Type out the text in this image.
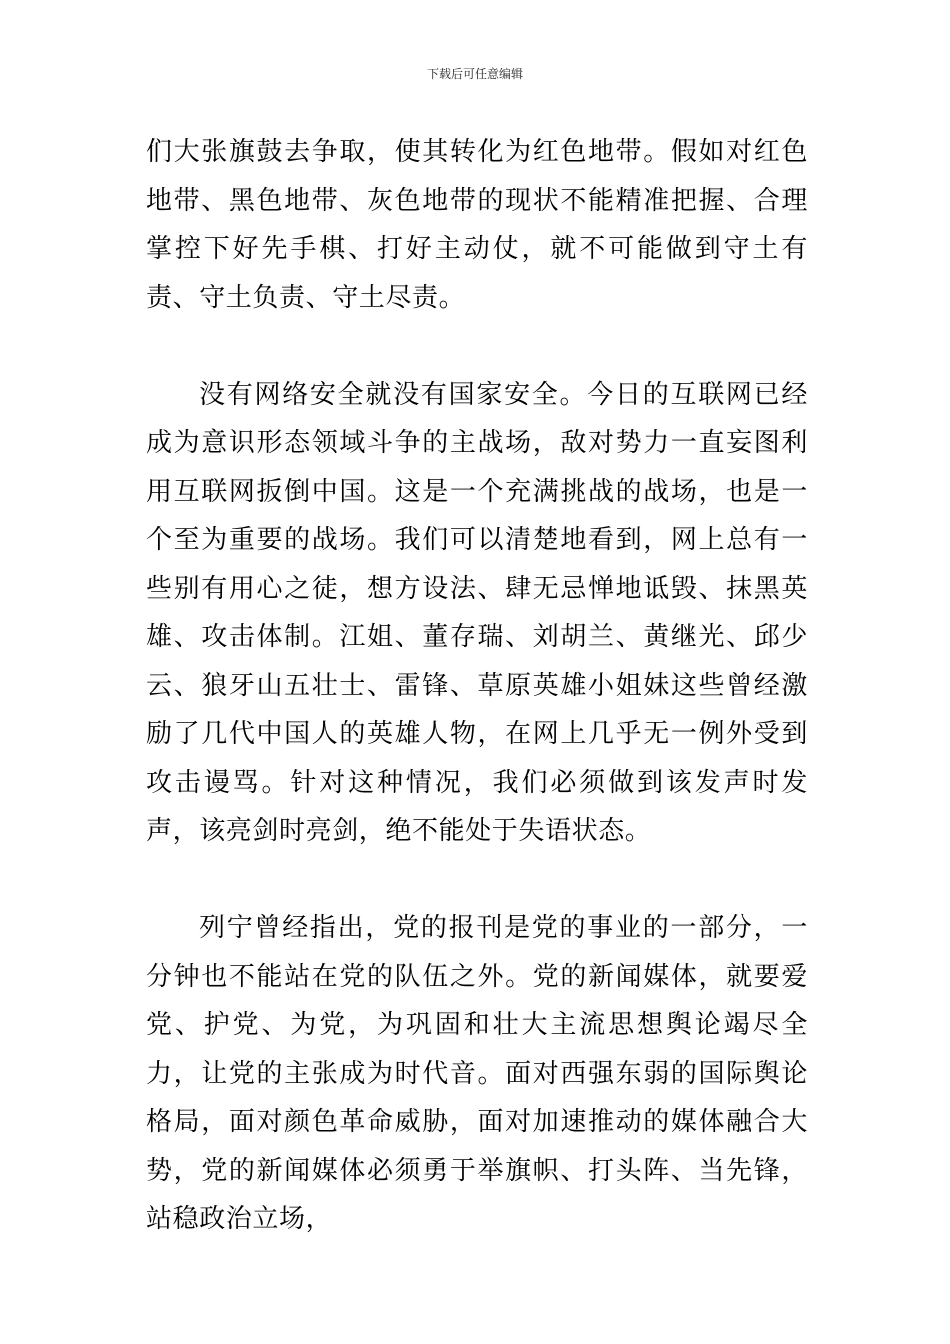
下载后可任意编辑

们大张旗鼓去争取，使其转化为红色地带。假如对红色地带、黑色地带、灰色地带的现状不能精准把握、合理掌控下好先手棋、打好主动仗，就不可能做到守土有责、守土负责、守土尽责。

没有网络安全就没有国家安全。今日的互联网已经成为意识形态领域斗争的主战场，敌对势力一直妄图利用互联网扳倒中国。这是一个充满挑战的战场，也是一个至为重要的战场。我们可以清楚地看到，网上总有一些别有用心之徒，想方设法、肆无忌惮地诋毁、抹黑英雄、攻击体制。江姐、董存瑞、刘胡兰、黄继光、邱少云、狼牙山五壮士、雷锋、草原英雄小姐妹这些曾经激励了几代中国人的英雄人物，在网上几乎无一例外受到攻击谩骂。针对这种情况，我们必须做到该发声时发声，该亮剑时亮剑，绝不能处于失语状态。

列宁曾经指出，党的报刊是党的事业的一部分，一分钟也不能站在党的队伍之外。党的新闻媒体，就要爱党、护党、为党，为巩固和壮大主流思想舆论竭尽全力，让党的主张成为时代音。面对西强东弱的国际舆论格局，面对颜色革命威胁，面对加速推动的媒体融合大势，党的新闻媒体必须勇于举旗帜、打头阵、当先锋，站稳政治立场，
